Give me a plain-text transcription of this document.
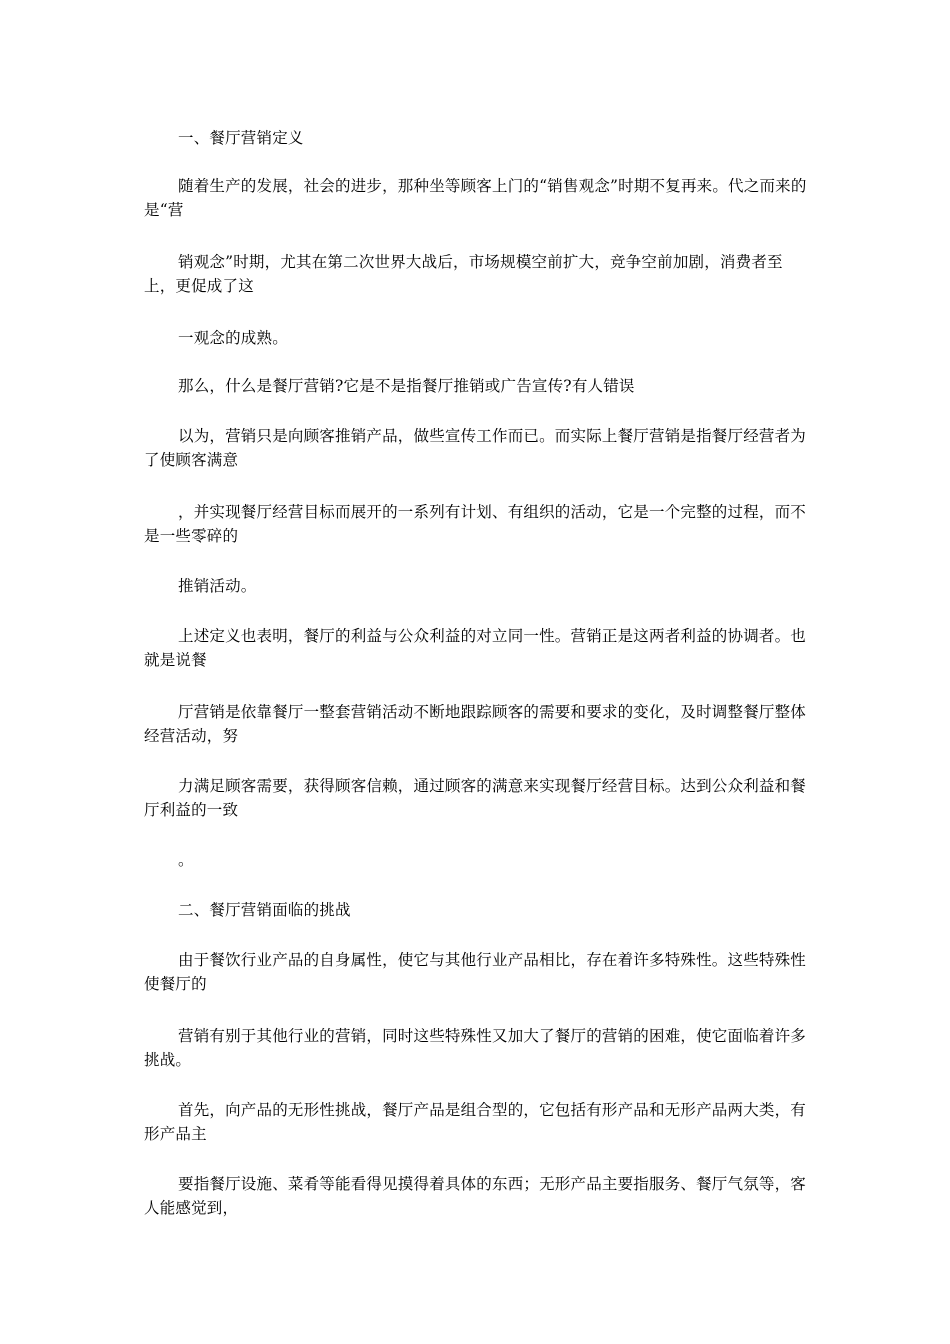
一、餐厅营销定义

随着生产的发展，社会的进步，那种坐等顾客上门的“销售观念”时期不复再来。代之而来的是“营

销观念”时期，尤其在第二次世界大战后，市场规模空前扩大，竞争空前加剧，消费者至上，更促成了这

一观念的成熟。

那么，什么是餐厅营销?它是不是指餐厅推销或广告宣传?有人错误

以为，营销只是向顾客推销产品，做些宣传工作而已。而实际上餐厅营销是指餐厅经营者为了使顾客满意

，并实现餐厅经营目标而展开的一系列有计划、有组织的活动，它是一个完整的过程，而不是一些零碎的

推销活动。

上述定义也表明，餐厅的利益与公众利益的对立同一性。营销正是这两者利益的协调者。也就是说餐

厅营销是依靠餐厅一整套营销活动不断地跟踪顾客的需要和要求的变化，及时调整餐厅整体经营活动，努

力满足顾客需要，获得顾客信赖，通过顾客的满意来实现餐厅经营目标。达到公众利益和餐厅利益的一致

。

二、餐厅营销面临的挑战

由于餐饮行业产品的自身属性，使它与其他行业产品相比，存在着许多特殊性。这些特殊性使餐厅的

营销有别于其他行业的营销，同时这些特殊性又加大了餐厅的营销的困难，使它面临着许多挑战。

首先，向产品的无形性挑战，餐厅产品是组合型的，它包括有形产品和无形产品两大类，有形产品主

要指餐厅设施、菜肴等能看得见摸得着具体的东西；无形产品主要指服务、餐厅气氛等，客人能感觉到，
